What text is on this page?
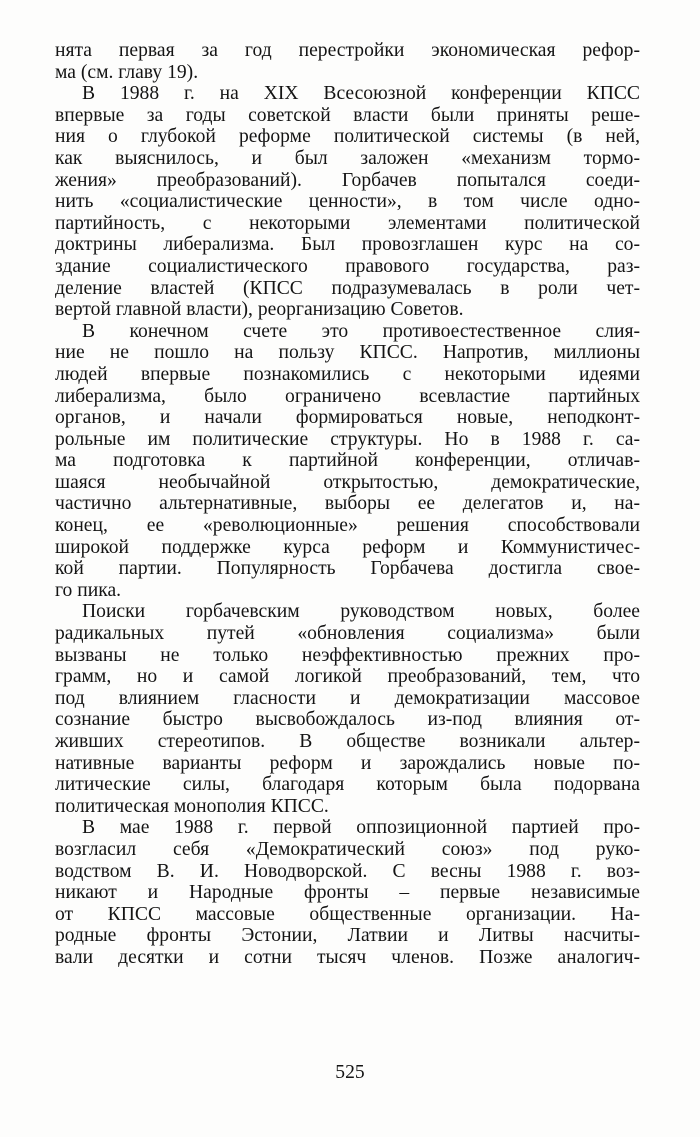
нята первая за год перестройки экономическая рефор-
ма (см. главу 19).
В 1988 г. на XIX Всесоюзной конференции КПСС
впервые за годы советской власти были приняты реше-
ния о глубокой реформе политической системы (в ней,
как выяснилось, и был заложен «механизм тормо-
жения» преобразований). Горбачев попытался соеди-
нить «социалистические ценности», в том числе одно-
партийность, с некоторыми элементами политической
доктрины либерализма. Был провозглашен курс на со-
здание социалистического правового государства, раз-
деление властей (КПСС подразумевалась в роли чет-
вертой главной власти), реорганизацию Советов.
В конечном счете это противоестественное слия-
ние не пошло на пользу КПСС. Напротив, миллионы
людей впервые познакомились с некоторыми идеями
либерализма, было ограничено всевластие партийных
органов, и начали формироваться новые, неподконт-
рольные им политические структуры. Но в 1988 г. са-
ма подготовка к партийной конференции, отличав-
шаяся необычайной открытостью, демократические,
частично альтернативные, выборы ее делегатов и, на-
конец, ее «революционные» решения способствовали
широкой поддержке курса реформ и Коммунистичес-
кой партии. Популярность Горбачева достигла свое-
го пика.
Поиски горбачевским руководством новых, более
радикальных путей «обновления социализма» были
вызваны не только неэффективностью прежних про-
грамм, но и самой логикой преобразований, тем, что
под влиянием гласности и демократизации массовое
сознание быстро высвобождалось из-под влияния от-
живших стереотипов. В обществе возникали альтер-
нативные варианты реформ и зарождались новые по-
литические силы, благодаря которым была подорвана
политическая монополия КПСС.
В мае 1988 г. первой оппозиционной партией про-
возгласил себя «Демократический союз» под руко-
водством В. И. Новодворской. С весны 1988 г. воз-
никают и Народные фронты – первые независимые
от КПСС массовые общественные организации. На-
родные фронты Эстонии, Латвии и Литвы насчиты-
вали десятки и сотни тысяч членов. Позже аналогич-
525
